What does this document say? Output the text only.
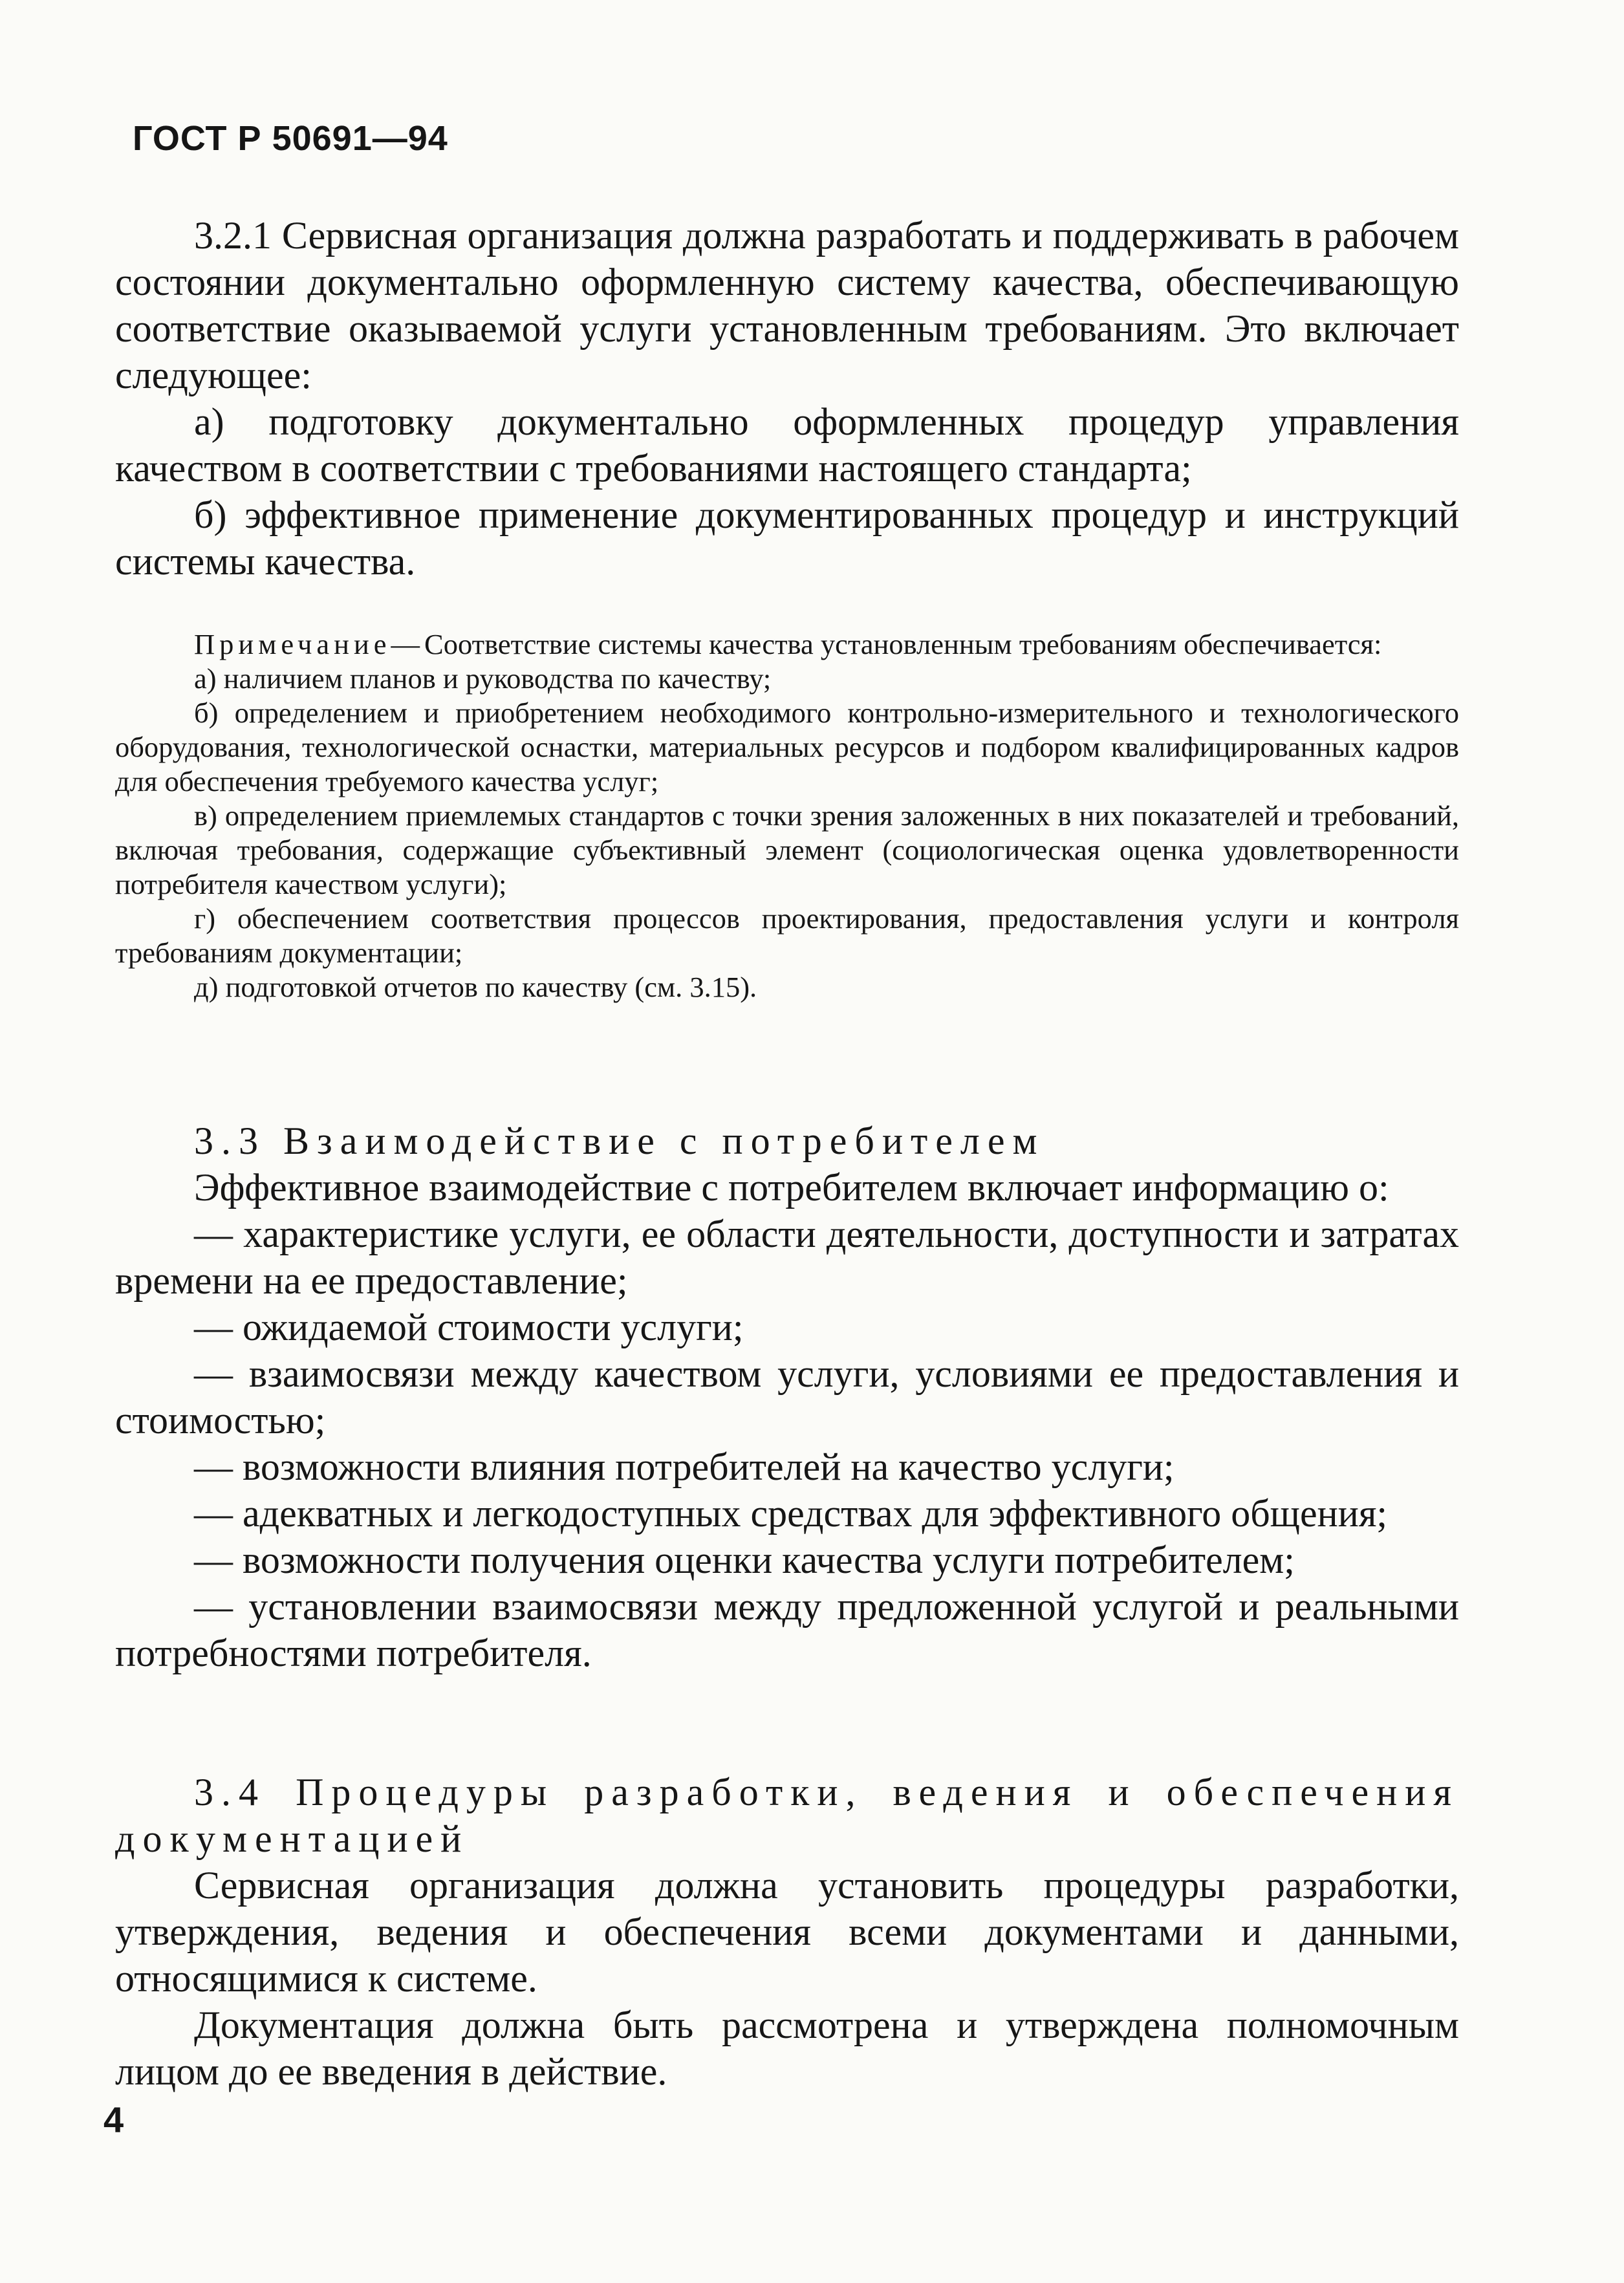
ГОСТ Р 50691—94

3.2.1 Сервисная организация должна разработать и поддерживать в рабочем состоянии документально оформленную систему качества, обеспечивающую соответствие оказываемой услуги установленным требованиям. Это включает следующее:

а) подготовку документально оформленных процедур управления качеством в соответствии с требованиями настоящего стандарта;

б) эффективное применение документированных процедур и инструкций системы качества.

Примечание—Соответствие системы качества установленным требованиям обеспечивается:

а) наличием планов и руководства по качеству;

б) определением и приобретением необходимого контрольно-измерительного и технологического оборудования, технологической оснастки, материальных ресурсов и подбором квалифицированных кадров для обеспечения требуемого качества услуг;

в) определением приемлемых стандартов с точки зрения заложенных в них показателей и требований, включая требования, содержащие субъективный элемент (социологическая оценка удовлетворенности потребителя качеством услуги);

г) обеспечением соответствия процессов проектирования, предоставления услуги и контроля требованиям документации;

д) подготовкой отчетов по качеству (см. 3.15).

3.3 Взаимодействие с потребителем

Эффективное взаимодействие с потребителем включает информацию о:

— характеристике услуги, ее области деятельности, доступности и затратах времени на ее предоставление;

— ожидаемой стоимости услуги;

— взаимосвязи между качеством услуги, условиями ее предоставления и стоимостью;

— возможности влияния потребителей на качество услуги;

— адекватных и легкодоступных средствах для эффективного общения;

— возможности получения оценки качества услуги потребителем;

— установлении взаимосвязи между предложенной услугой и реальными потребностями потребителя.

3.4 Процедуры разработки, ведения и обеспечения документацией

Сервисная организация должна установить процедуры разработки, утверждения, ведения и обеспечения всеми документами и данными, относящимися к системе.

Документация должна быть рассмотрена и утверждена полномочным лицом до ее введения в действие.

4
